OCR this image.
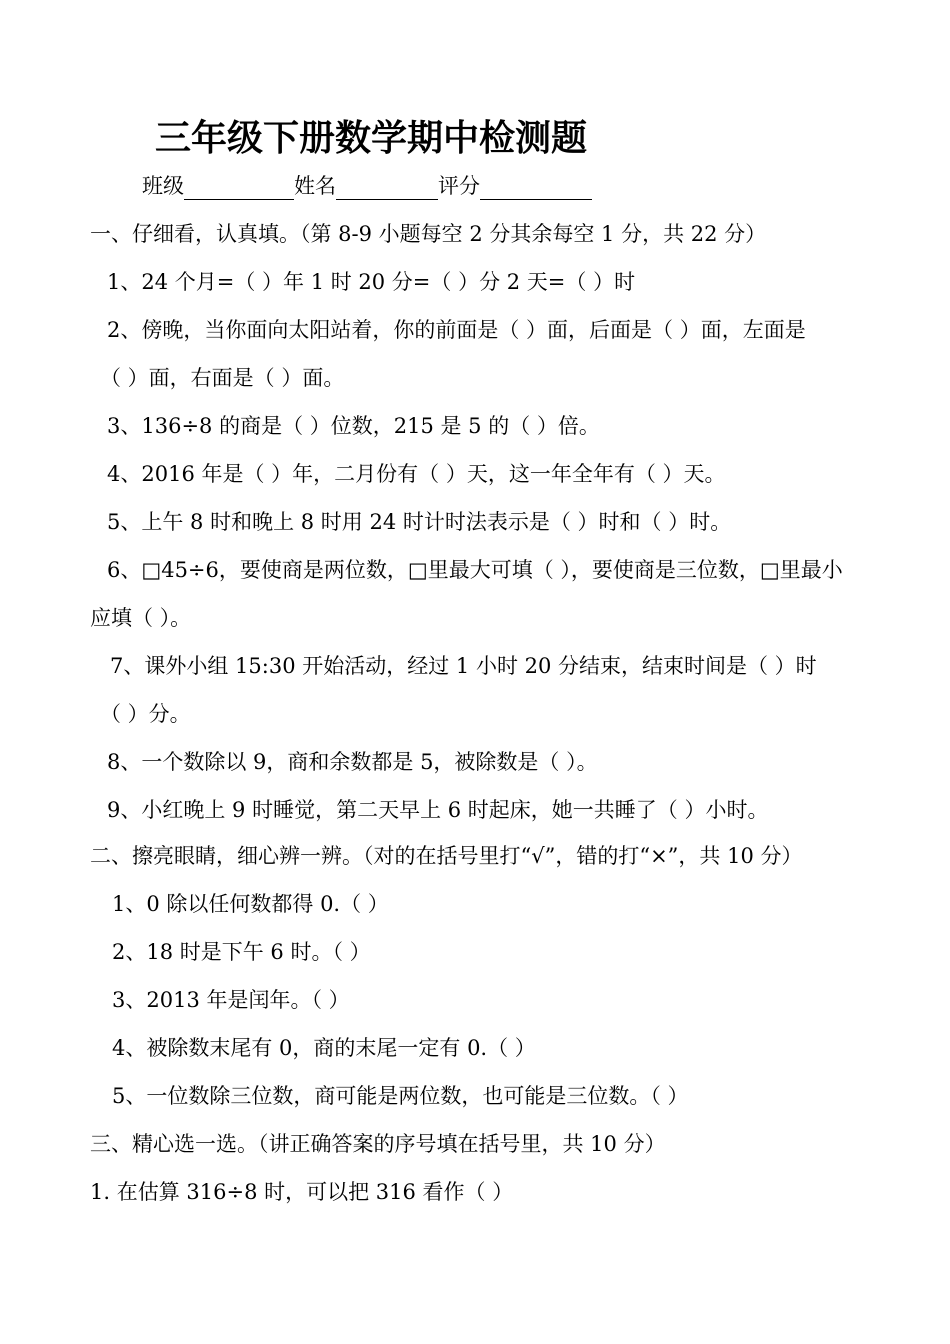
三年级下册数学期中检测题
班级	姓名	评分
一、仔细看，认真填。（第 8-9 小题每空 2 分其余每空 1 分，共 22 分）
1、24 个月=（ ）年 1 时 20 分=（ ）分 2 天=（ ）时
2、傍晚，当你面向太阳站着，你的前面是（ ）面，后面是（ ）面，左面是
（ ）面，右面是（ ）面。
3、136÷8 的商是（ ）位数，215 是 5 的（ ）倍。
4、2016 年是（ ）年，二月份有（ ）天，这一年全年有（ ）天。
5、上午 8 时和晚上 8 时用 24 时计时法表示是（ ）时和（ ）时。
6、□45÷6，要使商是两位数，□里最大可填（ ），要使商是三位数，□里最小
应填（ ）。
7、课外小组 15:30 开始活动，经过 1 小时 20 分结束，结束时间是（ ）时
（ ）分。
8、一个数除以 9，商和余数都是 5，被除数是（ ）。
9、小红晚上 9 时睡觉，第二天早上 6 时起床，她一共睡了（ ）小时。
二、擦亮眼睛，细心辨一辨。（对的在括号里打“√”，错的打“×”，共 10 分）
1、0 除以任何数都得 0.（ ）
2、18 时是下午 6 时。（ ）
3、2013 年是闰年。（ ）
4、被除数末尾有 0，商的末尾一定有 0.（ ）
5、一位数除三位数，商可能是两位数，也可能是三位数。（ ）
三、精心选一选。（讲正确答案的序号填在括号里，共 10 分）
1. 在估算 316÷8 时，可以把 316 看作（ ）
